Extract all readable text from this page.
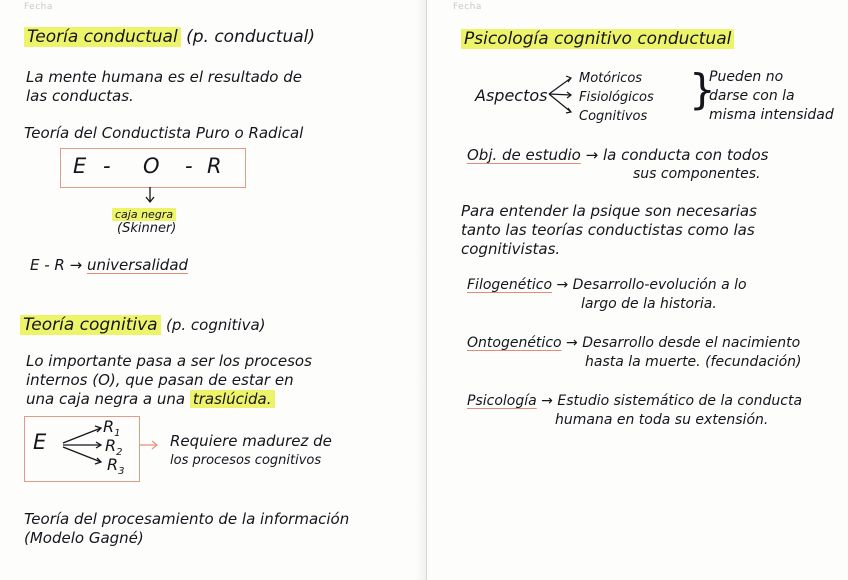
Fecha
Teoría conductual (p. conductual)
La mente humana es el resultado de
las conductas.
Teoría del Conductista Puro o Radical
E - O - R
caja negra
(Skinner)
E - R → universalidad
Teoría cognitiva (p. cognitiva)
Lo importante pasa a ser los procesos
internos (O), que pasan de estar en
una caja negra a una traslúcida.
E
$R_1$
$R_2$
$R_3$
Requiere madurez de
los procesos cognitivos
Teoría del procesamiento de la información
(Modelo Gagné)
Fecha
Psicología cognitivo conductual
Aspectos
Motóricos
Fisiológicos
Cognitivos
}
Pueden no
darse con la
misma intensidad
Obj. de estudio → la conducta con todos
sus componentes.
Para entender la psique son necesarias
tanto las teorías conductistas como las
cognitivistas.
Filogenético → Desarrollo-evolución a lo
largo de la historia.
Ontogenético → Desarrollo desde el nacimiento
hasta la muerte. (fecundación)
Psicología → Estudio sistemático de la conducta
humana en toda su extensión.
